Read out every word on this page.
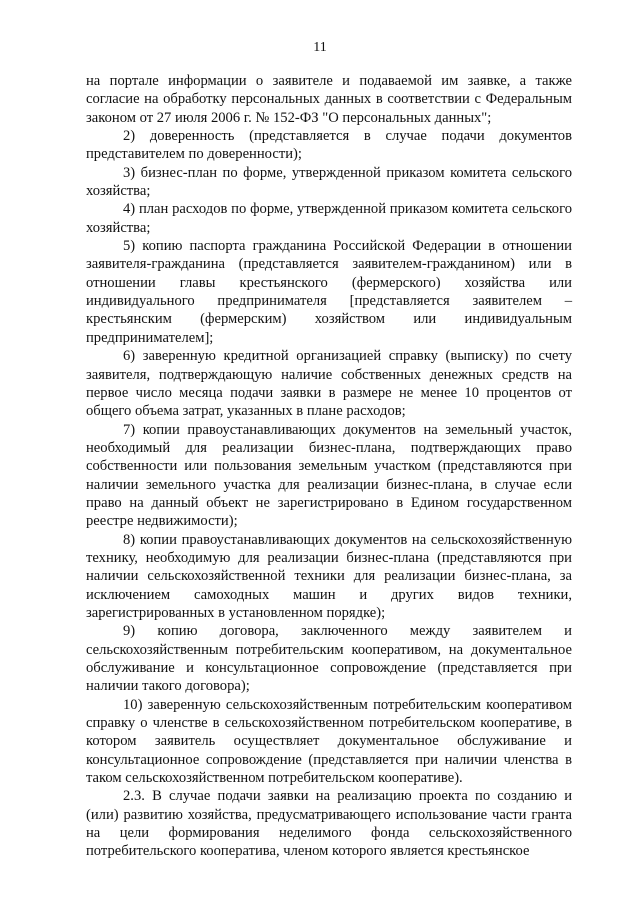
11

на портале информации о заявителе и подаваемой им заявке, а также согласие на обработку персональных данных в соответствии с Федеральным законом от 27 июля 2006 г. № 152-ФЗ "О персональных данных";

2) доверенность (представляется в случае подачи документов представителем по доверенности);

3) бизнес-план по форме, утвержденной приказом комитета сельского хозяйства;

4) план расходов по форме, утвержденной приказом комитета сельского хозяйства;

5) копию паспорта гражданина Российской Федерации в отношении заявителя-гражданина (представляется заявителем-гражданином) или в отношении главы крестьянского (фермерского) хозяйства или индивидуального предпринимателя [представляется заявителем – крестьянским (фермерским) хозяйством или индивидуальным предпринимателем];

6) заверенную кредитной организацией справку (выписку) по счету заявителя, подтверждающую наличие собственных денежных средств на первое число месяца подачи заявки в размере не менее 10 процентов от общего объема затрат, указанных в плане расходов;

7) копии правоустанавливающих документов на земельный участок, необходимый для реализации бизнес-плана, подтверждающих право собственности или пользования земельным участком (представляются при наличии земельного участка для реализации бизнес-плана, в случае если право на данный объект не зарегистрировано в Едином государственном реестре недвижимости);

8) копии правоустанавливающих документов на сельскохозяйственную технику, необходимую для реализации бизнес-плана (представляются при наличии сельскохозяйственной техники для реализации бизнес-плана, за исключением самоходных машин и других видов техники, зарегистрированных в установленном порядке);

9) копию договора, заключенного между заявителем и сельскохозяйственным потребительским кооперативом, на документальное обслуживание и консультационное сопровождение (представляется при наличии такого договора);

10) заверенную сельскохозяйственным потребительским кооперативом справку о членстве в сельскохозяйственном потребительском кооперативе, в котором заявитель осуществляет документальное обслуживание и консультационное сопровождение (представляется при наличии членства в таком сельскохозяйственном потребительском кооперативе).

2.3. В случае подачи заявки на реализацию проекта по созданию и (или) развитию хозяйства, предусматривающего использование части гранта на цели формирования неделимого фонда сельскохозяйственного потребительского кооператива, членом которого является крестьянское
